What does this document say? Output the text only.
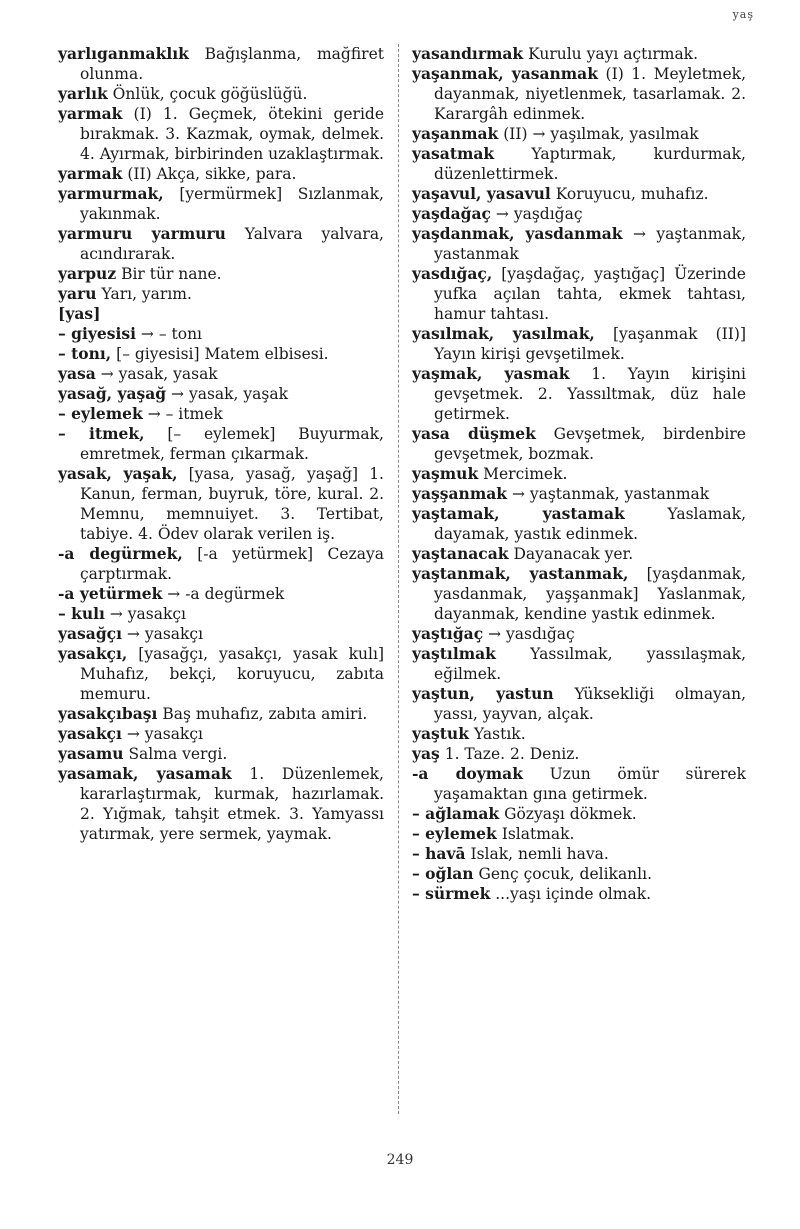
yaş

yarlıganmaklık Bağışlanma, mağfiret olunma.

yarlık Önlük, çocuk göğüslüğü.

yarmak (I) 1. Geçmek, ötekini geride bırakmak. 3. Kazmak, oymak, delmek. 4. Ayırmak, birbirinden uzaklaştırmak.

yarmak (II) Akça, sikke, para.

yarmurmak, [yermürmek] Sızlanmak, yakınmak.

yarmuru yarmuru Yalvara yalvara, acındırarak.

yarpuz Bir tür nane.

yaru Yarı, yarım.

[yas]

– giyesisi → – tonı

– tonı, [– giyesisi] Matem elbisesi.

yasa → yasak, yasak

yasağ, yaşağ → yasak, yaşak

– eylemek → – itmek

– itmek, [– eylemek] Buyurmak, emretmek, ferman çıkarmak.

yasak, yaşak, [yasa, yasağ, yaşağ] 1. Kanun, ferman, buyruk, töre, kural. 2. Memnu, memnuiyet. 3. Tertibat, tabiye. 4. Ödev olarak verilen iş.

-a degürmek, [-a yetürmek] Cezaya çarptırmak.

-a yetürmek → -a degürmek

– kulı → yasakçı

yasağçı → yasakçı

yasakçı, [yasağçı, yasakçı, yasak kulı] Muhafız, bekçi, koruyucu, zabıta memuru.

yasakçıbaşı Baş muhafız, zabıta amiri.

yasakçı → yasakçı

yasamu Salma vergi.

yasamak, yasamak 1. Düzenlemek, kararlaştırmak, kurmak, hazırlamak. 2. Yığmak, tahşit etmek. 3. Yamyassı yatırmak, yere sermek, yaymak.

yasandırmak Kurulu yayı açtırmak.

yaşanmak, yasanmak (I) 1. Meyletmek, dayanmak, niyetlenmek, tasarlamak. 2. Karargâh edinmek.

yaşanmak (II) → yaşılmak, yasılmak

yasatmak Yaptırmak, kurdurmak, düzenlettirmek.

yaşavul, yasavul Koruyucu, muhafız.

yaşdağaç → yaşdığaç

yaşdanmak, yasdanmak → yaştanmak, yastanmak

yasdığaç, [yaşdağaç, yaştığaç] Üzerinde yufka açılan tahta, ekmek tahtası, hamur tahtası.

yasılmak, yasılmak, [yaşanmak (II)] Yayın kirişi gevşetilmek.

yaşmak, yasmak 1. Yayın kirişini gevşetmek. 2. Yassıltmak, düz hale getirmek.

yasa düşmek Gevşetmek, birdenbire gevşetmek, bozmak.

yaşmuk Mercimek.

yaşşanmak → yaştanmak, yastanmak

yaştamak, yastamak	Yaslamak, dayamak, yastık edinmek.

yaştanacak Dayanacak yer.

yaştanmak, yastanmak, [yaşdanmak, yasdanmak, yaşşanmak] Yaslanmak, dayanmak, kendine yastık edinmek.

yaştığaç → yasdığaç

yaştılmak Yassılmak, yassılaşmak, eğilmek.

yaştun, yastun Yüksekliği olmayan, yassı, yayvan, alçak.

yaştuk Yastık.

yaş 1. Taze. 2. Deniz.

-a doymak Uzun ömür sürerek yaşamaktan gına getirmek.

– ağlamak Gözyaşı dökmek.

– eylemek Islatmak.

– havā Islak, nemli hava.

– oğlan Genç çocuk, delikanlı.

– sürmek ...yaşı içinde olmak.

249
